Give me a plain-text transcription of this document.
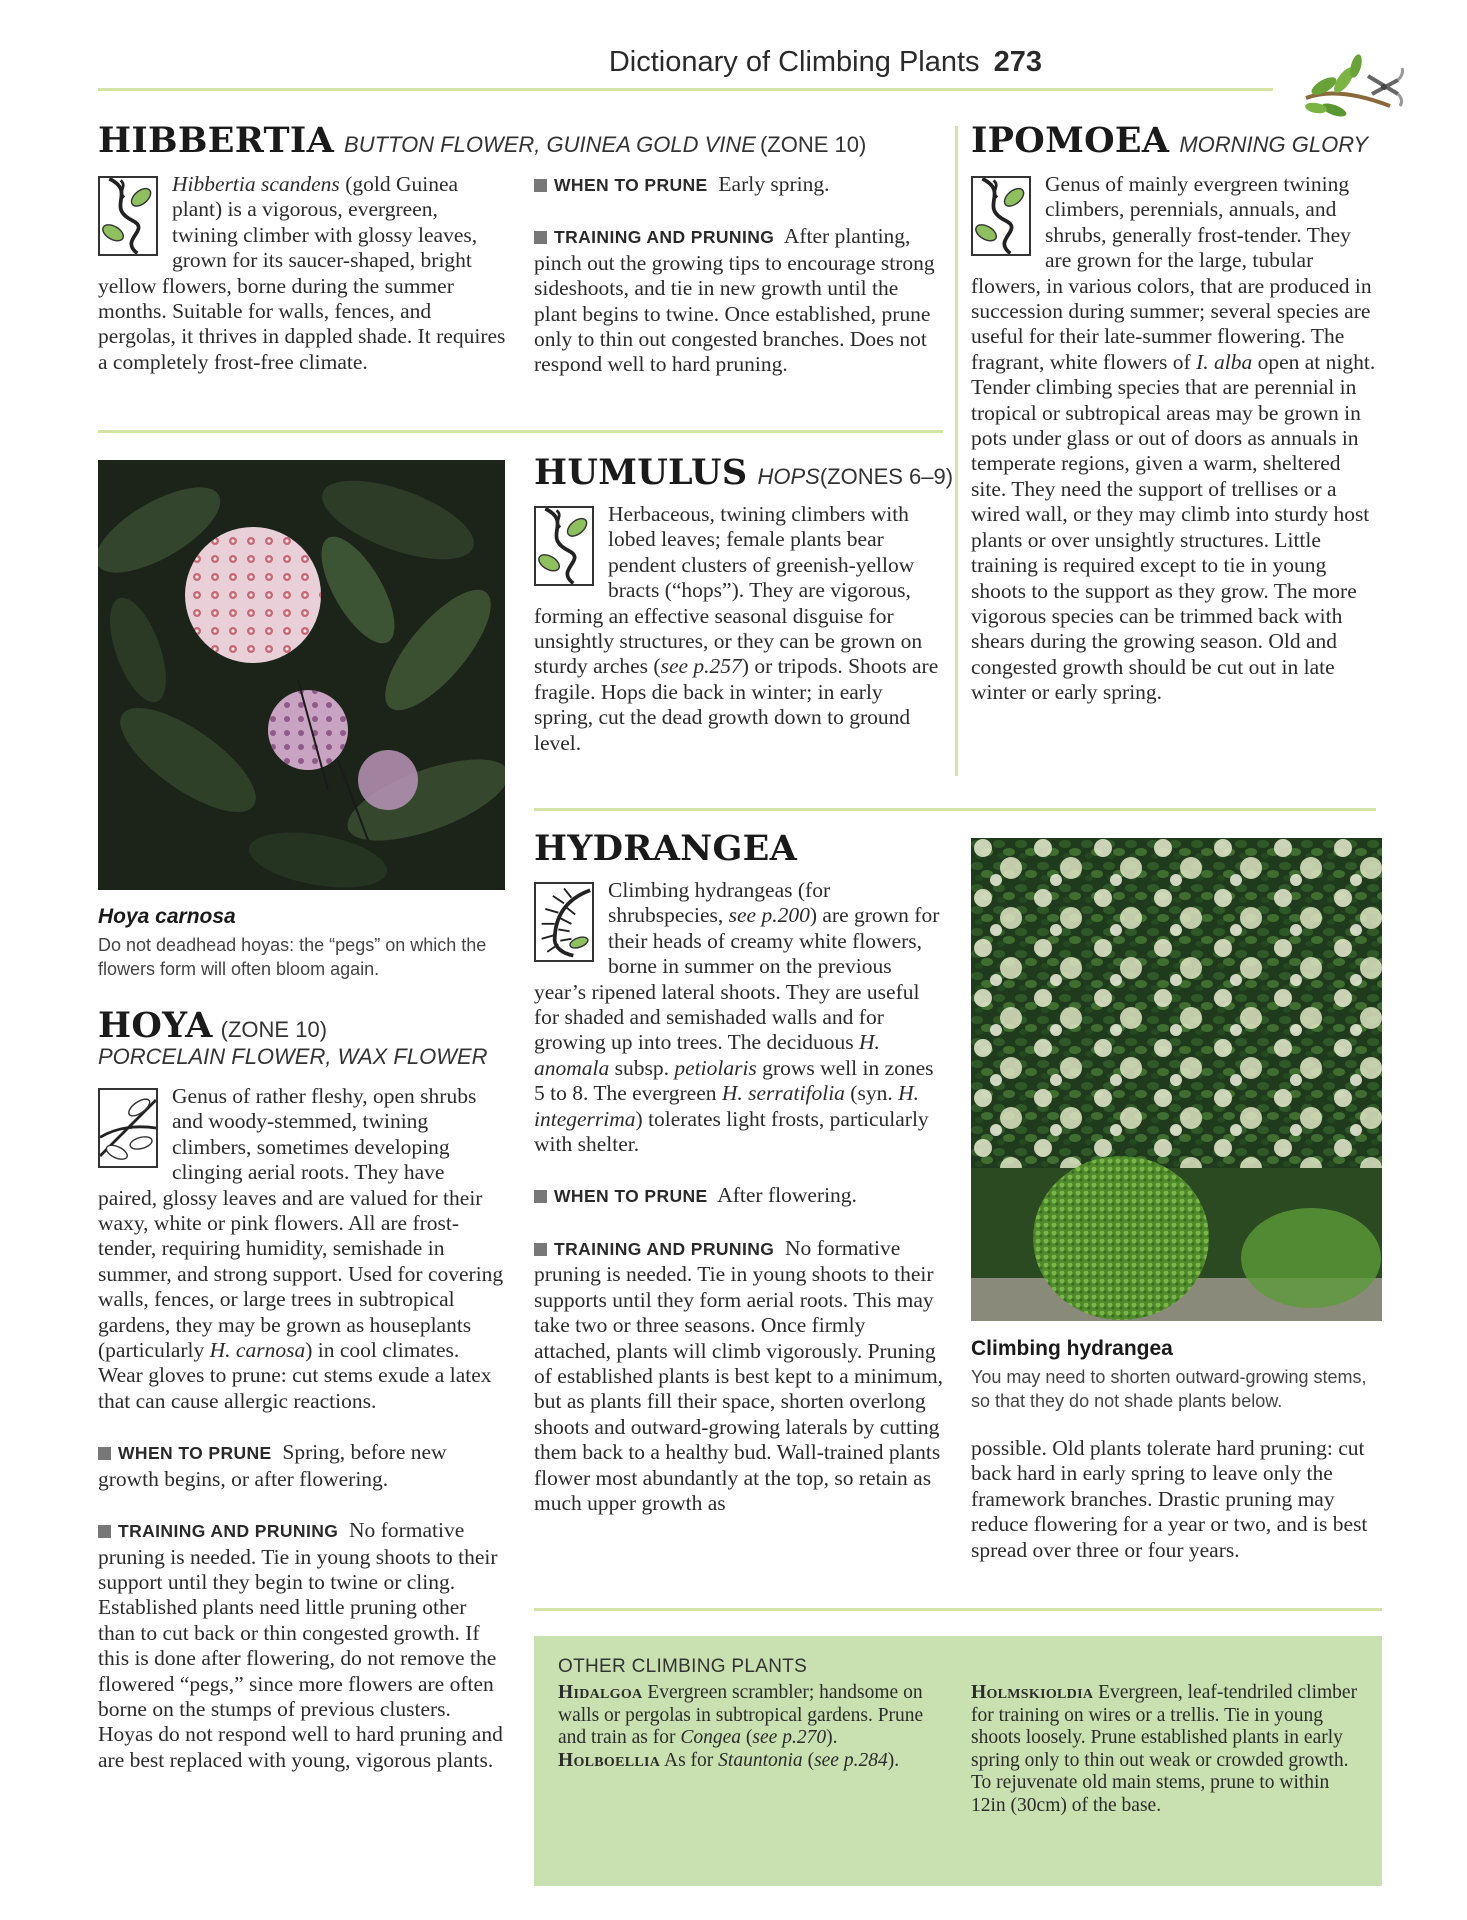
Dictionary of Climbing Plants 273
HIBBERTIA BUTTON FLOWER, GUINEA GOLD VINE (ZONE 10)

Hibbertia scandens (gold Guinea plant) is a vigorous, evergreen, twining climber with glossy leaves, grown for its saucer-shaped, bright yellow flowers, borne during the summer months. Suitable for walls, fences, and pergolas, it thrives in dappled shade. It requires a completely frost-free climate.

WHEN TO PRUNE Early spring.

TRAINING AND PRUNING After planting, pinch out the growing tips to encourage strong sideshoots, and tie in new growth until the plant begins to twine. Once established, prune only to thin out congested branches. Does not respond well to hard pruning.

IPOMOEA MORNING GLORY

Genus of mainly evergreen twining climbers, perennials, annuals, and shrubs, generally frost-tender. They are grown for the large, tubular flowers, in various colors, that are produced in succession during summer; several species are useful for their late-summer flowering. The fragrant, white flowers of I. alba open at night. Tender climbing species that are perennial in tropical or subtropical areas may be grown in pots under glass or out of doors as annuals in temperate regions, given a warm, sheltered site. They need the support of trellises or a wired wall, or they may climb into sturdy host plants or over unsightly structures. Little training is required except to tie in young shoots to the support as they grow. The more vigorous species can be trimmed back with shears during the growing season. Old and congested growth should be cut out in late winter or early spring.

Hoya carnosa
Do not deadhead hoyas: the “pegs” on which the flowers form will often bloom again.
HUMULUS HOPS(ZONES 6–9)

Herbaceous, twining climbers with lobed leaves; female plants bear pendent clusters of greenish-yellow bracts (“hops”). They are vigorous, forming an effective seasonal disguise for unsightly structures, or they can be grown on sturdy arches (see p.257) or tripods. Shoots are fragile. Hops die back in winter; in early spring, cut the dead growth down to ground level.

HOYA (ZONE 10)
PORCELAIN FLOWER, WAX FLOWER

Genus of rather fleshy, open shrubs and woody-stemmed, twining climbers, sometimes developing clinging aerial roots. They have paired, glossy leaves and are valued for their waxy, white or pink flowers. All are frost-tender, requiring humidity, semishade in summer, and strong support. Used for covering walls, fences, or large trees in subtropical gardens, they may be grown as houseplants (particularly H. carnosa) in cool climates. Wear gloves to prune: cut stems exude a latex that can cause allergic reactions.

WHEN TO PRUNE Spring, before new growth begins, or after flowering.

TRAINING AND PRUNING No formative pruning is needed. Tie in young shoots to their support until they begin to twine or cling. Established plants need little pruning other than to cut back or thin congested growth. If this is done after flowering, do not remove the flowered “pegs,” since more flowers are often borne on the stumps of previous clusters. Hoyas do not respond well to hard pruning and are best replaced with young, vigorous plants.

HYDRANGEA

Climbing hydrangeas (for shrubspecies, see p.200) are grown for their heads of creamy white flowers, borne in summer on the previous year’s ripened lateral shoots. They are useful for shaded and semishaded walls and for growing up into trees. The deciduous H. anomala subsp. petiolaris grows well in zones 5 to 8. The evergreen H. serratifolia (syn. H. integerrima) tolerates light frosts, particularly with shelter.

WHEN TO PRUNE After flowering.

TRAINING AND PRUNING No formative pruning is needed. Tie in young shoots to their supports until they form aerial roots. This may take two or three seasons. Once firmly attached, plants will climb vigorously. Pruning of established plants is best kept to a minimum, but as plants fill their space, shorten overlong shoots and outward-growing laterals by cutting them back to a healthy bud. Wall-trained plants flower most abundantly at the top, so retain as much upper growth as

Climbing hydrangea
You may need to shorten outward-growing stems, so that they do not shade plants below.

possible. Old plants tolerate hard pruning: cut back hard in early spring to leave only the framework branches. Drastic pruning may reduce flowering for a year or two, and is best spread over three or four years.

OTHER CLIMBING PLANTS

Hidalgoa Evergreen scrambler; handsome on walls or pergolas in subtropical gardens. Prune and train as for Congea (see p.270).

Holboellia As for Stauntonia (see p.284).

Holmskioldia Evergreen, leaf-tendriled climber for training on wires or a trellis. Tie in young shoots loosely. Prune established plants in early spring only to thin out weak or crowded growth. To rejuvenate old main stems, prune to within 12in (30cm) of the base.
